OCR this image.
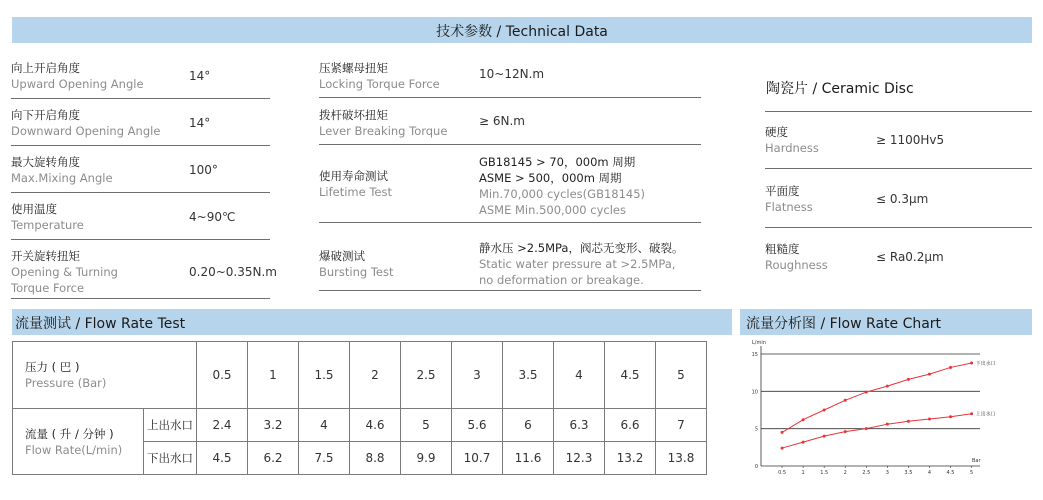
技术参数 / Technical Data
向上开启角度
Upward Opening Angle
14°
向下开启角度
Downward Opening Angle
14°
最大旋转角度
Max.Mixing Angle
100°
使用温度
Temperature
4~90℃
开关旋转扭矩
Opening & Turning
Torque Force
0.20~0.35N.m
压紧螺母扭矩
Locking Torque Force
10~12N.m
拨杆破坏扭矩
Lever Breaking Torque
≥ 6N.m
使用寿命测试
Lifetime Test
GB18145 > 70，000m 周期
ASME > 500，000m 周期
Min.70,000 cycles(GB18145)
ASME Min.500,000 cycles
爆破测试
Bursting Test
静水压 >2.5MPa，阀芯无变形、破裂。
Static water pressure at >2.5MPa,
no deformation or breakage.
陶瓷片 / Ceramic Disc
硬度
Hardness
≥ 1100Hv5
平面度
Flatness
≤ 0.3μm
粗糙度
Roughness
≤ Ra0.2μm
流量测试 / Flow Rate Test	流量分析图 / Flow Rate Chart
压力 ( 巴 )
Pressure (Bar)		0.5	1	1.5	2	2.5	3	3.5	4	4.5	5

流量 ( 升 / 分钟 )
Flow Rate(L/min)	上出水口	2.4	3.2	4	4.6	5	5.6	6	6.3	6.6	7
	下出水口	4.5	6.2	7.5	8.8	9.9	10.7	11.6	12.3	13.2	13.8
0
5
10
15
0.5	1	1.5	2	2.5	3	3.5	4	4.5	5
L/min
Bar
下出水口
上出水口
